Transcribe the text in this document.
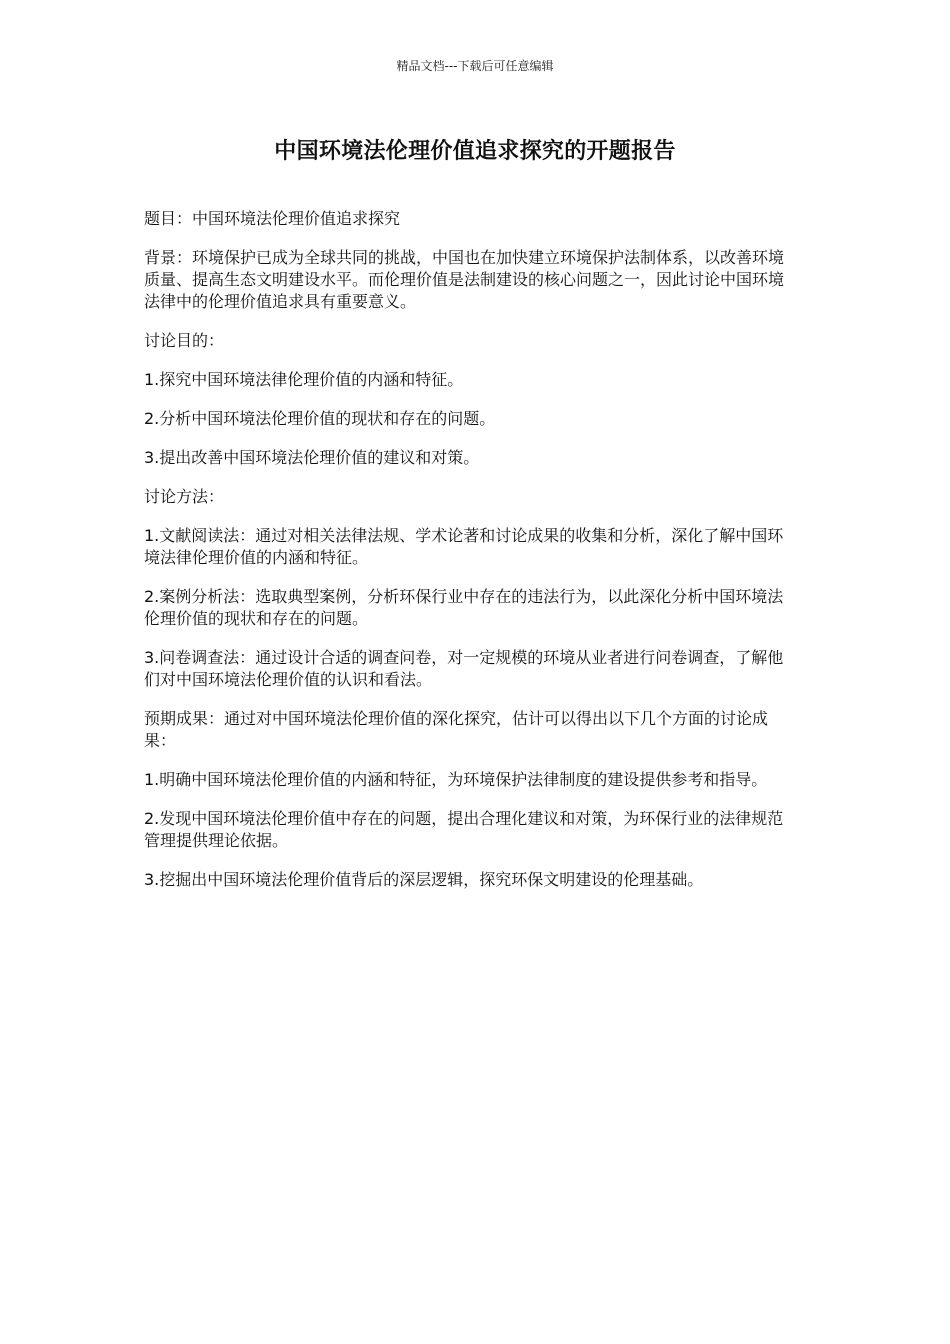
精品文档---下载后可任意编辑
中国环境法伦理价值追求探究的开题报告

题目：中国环境法伦理价值追求探究

背景：环境保护已成为全球共同的挑战，中国也在加快建立环境保护法制体系，以改善环境质量、提高生态文明建设水平。而伦理价值是法制建设的核心问题之一，因此讨论中国环境法律中的伦理价值追求具有重要意义。

讨论目的：

1.探究中国环境法律伦理价值的内涵和特征。

2.分析中国环境法伦理价值的现状和存在的问题。

3.提出改善中国环境法伦理价值的建议和对策。

讨论方法：

1.文献阅读法：通过对相关法律法规、学术论著和讨论成果的收集和分析，深化了解中国环境法律伦理价值的内涵和特征。

2.案例分析法：选取典型案例，分析环保行业中存在的违法行为，以此深化分析中国环境法伦理价值的现状和存在的问题。

3.问卷调查法：通过设计合适的调查问卷，对一定规模的环境从业者进行问卷调查，了解他们对中国环境法伦理价值的认识和看法。

预期成果：通过对中国环境法伦理价值的深化探究，估计可以得出以下几个方面的讨论成果：

1.明确中国环境法伦理价值的内涵和特征，为环境保护法律制度的建设提供参考和指导。

2.发现中国环境法伦理价值中存在的问题，提出合理化建议和对策，为环保行业的法律规范管理提供理论依据。

3.挖掘出中国环境法伦理价值背后的深层逻辑，探究环保文明建设的伦理基础。
